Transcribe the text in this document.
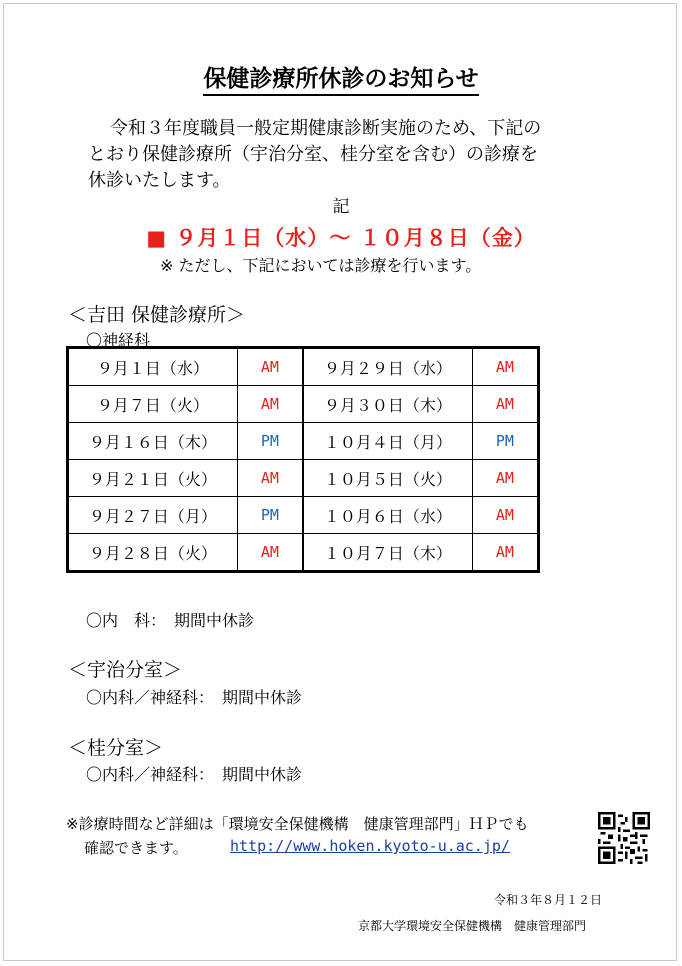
保健診療所休診のお知らせ
令和３年度職員一般定期健康診断実施のため、下記の
とおり保健診療所（宇治分室、桂分室を含む）の診療を
休診いたします。
記
■ ９月１日（水）～ １０月８日（金）
※ ただし、下記においては診療を行います。
＜吉田 保健診療所＞
〇神経科
９月１日（水）	AM	９月２９日（水）	AM
９月７日（火）	AM	９月３０日（木）	AM
９月１６日（木）	PM	１０月４日（月）	PM
９月２１日（火）	AM	１０月５日（火）	AM
９月２７日（月）	PM	１０月６日（水）	AM
９月２８日（火）	AM	１０月７日（木）	AM
〇内　科：　期間中休診
＜宇治分室＞
〇内科／神経科：　期間中休診
＜桂分室＞
〇内科／神経科：　期間中休診
※診療時間など詳細は「環境安全保健機構　健康管理部門」ＨＰでも
確認できます。	http://www.hoken.kyoto-u.ac.jp/
令和３年８月１２日
京都大学環境安全保健機構　健康管理部門
